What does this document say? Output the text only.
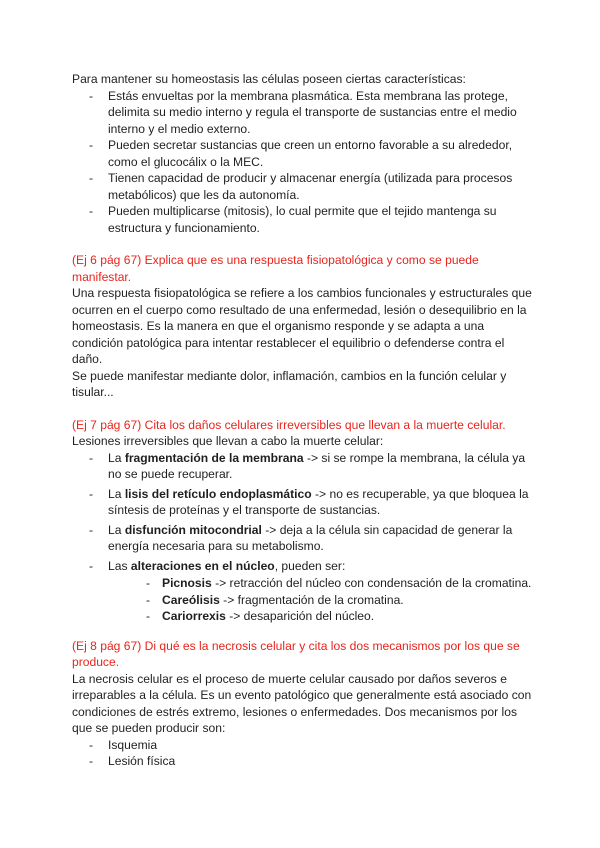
Para mantener su homeostasis las células poseen ciertas características:

- Estás envueltas por la membrana plasmática. Esta membrana las protege, delimita su medio interno y regula el transporte de sustancias entre el medio interno y el medio externo.
- Pueden secretar sustancias que creen un entorno favorable a su alrededor, como el glucocálix o la MEC.
- Tienen capacidad de producir y almacenar energía (utilizada para procesos metabólicos) que les da autonomía.
- Pueden multiplicarse (mitosis), lo cual permite que el tejido mantenga su estructura y funcionamiento.

(Ej 6 pág 67) Explica que es una respuesta fisiopatológica y como se puede manifestar.

Una respuesta fisiopatológica se refiere a los cambios funcionales y estructurales que ocurren en el cuerpo como resultado de una enfermedad, lesión o desequilibrio en la homeostasis. Es la manera en que el organismo responde y se adapta a una condición patológica para intentar restablecer el equilibrio o defenderse contra el daño.

Se puede manifestar mediante dolor, inflamación, cambios en la función celular y tisular...

(Ej 7 pág 67) Cita los daños celulares irreversibles que llevan a la muerte celular.

Lesiones irreversibles que llevan a cabo la muerte celular:

- La fragmentación de la membrana -> si se rompe la membrana, la célula ya no se puede recuperar.
- La lisis del retículo endoplasmático -> no es recuperable, ya que bloquea la síntesis de proteínas y el transporte de sustancias.
- La disfunción mitocondrial -> deja a la célula sin capacidad de generar la energía necesaria para su metabolismo.
- Las alteraciones en el núcleo, pueden ser:
- Picnosis -> retracción del núcleo con condensación de la cromatina.
- Careólisis -> fragmentación de la cromatina.
- Cariorrexis -> desaparición del núcleo.

(Ej 8 pág 67) Di qué es la necrosis celular y cita los dos mecanismos por los que se produce.

La necrosis celular es el proceso de muerte celular causado por daños severos e irreparables a la célula. Es un evento patológico que generalmente está asociado con condiciones de estrés extremo, lesiones o enfermedades. Dos mecanismos por los que se pueden producir son:

- Isquemia
- Lesión física
